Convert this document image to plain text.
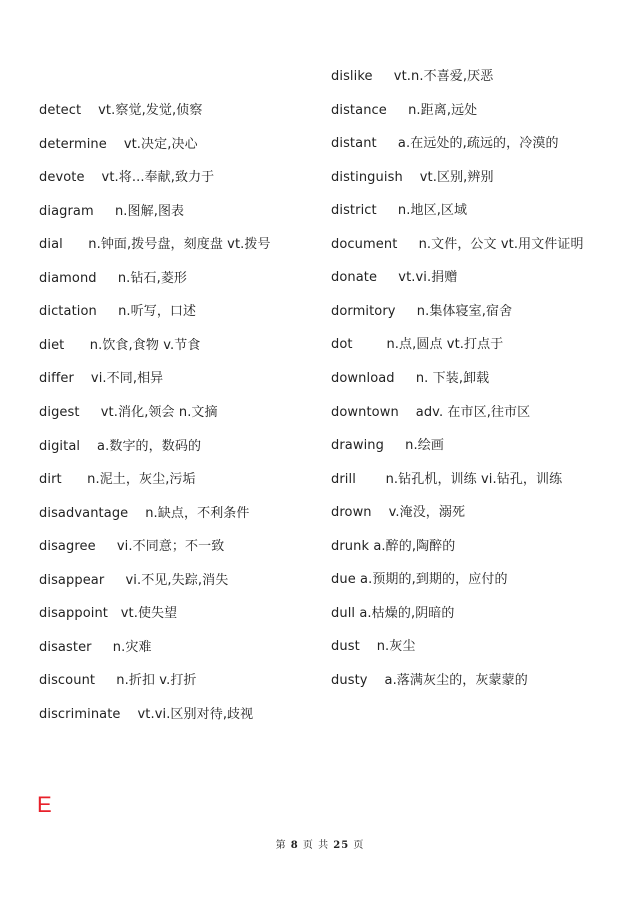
detect vt.察觉,发觉,侦察
determine vt.决定,决心
devote vt.将...奉献,致力于
diagram n.图解,图表
dial n.钟面,拨号盘，刻度盘 vt.拨号
diamond n.钻石,菱形
dictation n.听写，口述
diet n.饮食,食物 v.节食
differ vi.不同,相异
digest vt.消化,领会 n.文摘
digital a.数字的，数码的
dirt n.泥土，灰尘,污垢
disadvantage n.缺点，不利条件
disagree vi.不同意；不一致
disappear vi.不见,失踪,消失
disappoint vt.使失望
disaster n.灾难
discount n.折扣 v.打折
discriminate vt.vi.区别对待,歧视
dislike vt.n.不喜爱,厌恶
distance n.距离,远处
distant a.在远处的,疏远的，冷漠的
distinguish vt.区别,辨别
district n.地区,区域
document n.文件，公文 vt.用文件证明
donate vt.vi.捐赠
dormitory n.集体寝室,宿舍
dot	n.点,圆点 vt.打点于
download n. 下装,卸载
downtown adv. 在市区,往市区
drawing n.绘画
drill n.钻孔机，训练 vi.钻孔，训练
drown v.淹没，溺死
drunk a.醉的,陶醉的
due a.预期的,到期的，应付的
dull a.枯燥的,阴暗的
dust n.灰尘
dusty a.落满灰尘的，灰蒙蒙的
E
第 8 页 共 25 页
